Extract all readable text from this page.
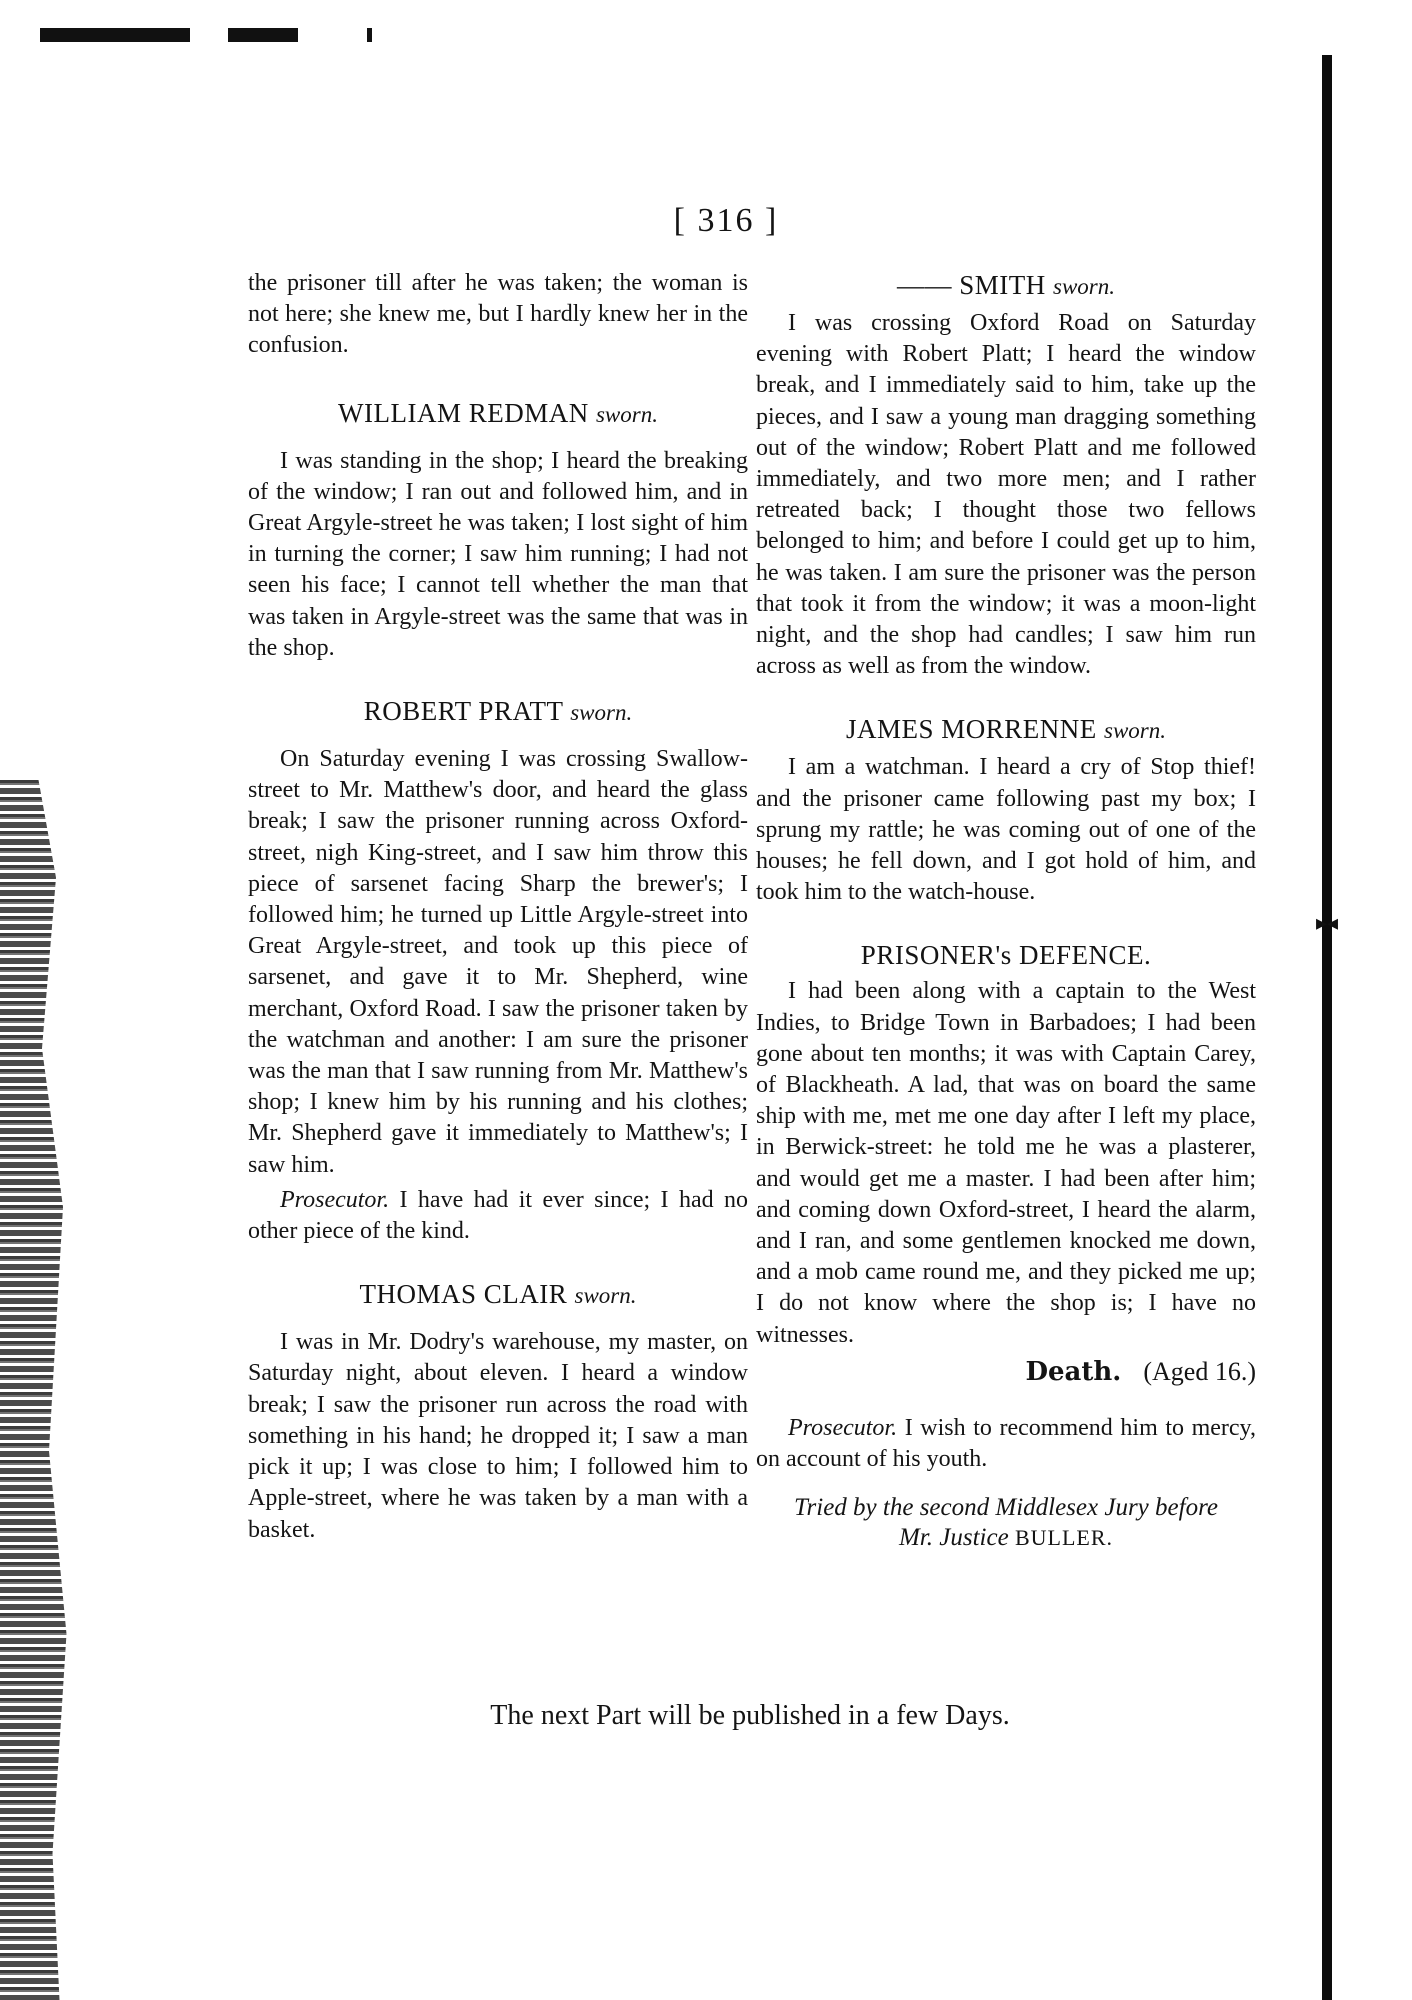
▸◂
[ 316 ]

the prisoner till after he was taken; the woman is not here; she knew me, but I hardly knew her in the confusion.

WILLIAM REDMAN sworn.

I was standing in the shop; I heard the breaking of the window; I ran out and followed him, and in Great Argyle-street he was taken; I lost sight of him in turning the corner; I saw him running; I had not seen his face; I cannot tell whether the man that was taken in Argyle-street was the same that was in the shop.

ROBERT PRATT sworn.

On Saturday evening I was crossing Swallow-street to Mr. Matthew's door, and heard the glass break; I saw the prisoner running across Oxford-street, nigh King-street, and I saw him throw this piece of sarsenet facing Sharp the brewer's; I followed him; he turned up Little Argyle-street into Great Argyle-street, and took up this piece of sarsenet, and gave it to Mr. Shepherd, wine merchant, Oxford Road. I saw the prisoner taken by the watchman and another: I am sure the prisoner was the man that I saw running from Mr. Matthew's shop; I knew him by his running and his clothes; Mr. Shepherd gave it immediately to Matthew's; I saw him.

Prosecutor. I have had it ever since; I had no other piece of the kind.

THOMAS CLAIR sworn.

I was in Mr. Dodry's warehouse, my master, on Saturday night, about eleven. I heard a window break; I saw the prisoner run across the road with something in his hand; he dropped it; I saw a man pick it up; I was close to him; I followed him to Apple-street, where he was taken by a man with a basket.

—— SMITH sworn.

I was crossing Oxford Road on Saturday evening with Robert Platt; I heard the window break, and I immediately said to him, take up the pieces, and I saw a young man dragging something out of the window; Robert Platt and me followed immediately, and two more men; and I rather retreated back; I thought those two fellows belonged to him; and before I could get up to him, he was taken. I am sure the prisoner was the person that took it from the window; it was a moon-light night, and the shop had candles; I saw him run across as well as from the window.

JAMES MORRENNE sworn.

I am a watchman. I heard a cry of Stop thief! and the prisoner came following past my box; I sprung my rattle; he was coming out of one of the houses; he fell down, and I got hold of him, and took him to the watch-house.

PRISONER's DEFENCE.

I had been along with a captain to the West Indies, to Bridge Town in Barbadoes; I had been gone about ten months; it was with Captain Carey, of Blackheath. A lad, that was on board the same ship with me, met me one day after I left my place, in Berwick-street: he told me he was a plasterer, and would get me a master. I had been after him; and coming down Oxford-street, I heard the alarm, and I ran, and some gentlemen knocked me down, and a mob came round me, and they picked me up; I do not know where the shop is; I have no witnesses.

Death. (Aged 16.)

Prosecutor. I wish to recommend him to mercy, on account of his youth.

Tried by the second Middlesex Jury before
Mr. Justice BULLER.
The next Part will be published in a few Days.
